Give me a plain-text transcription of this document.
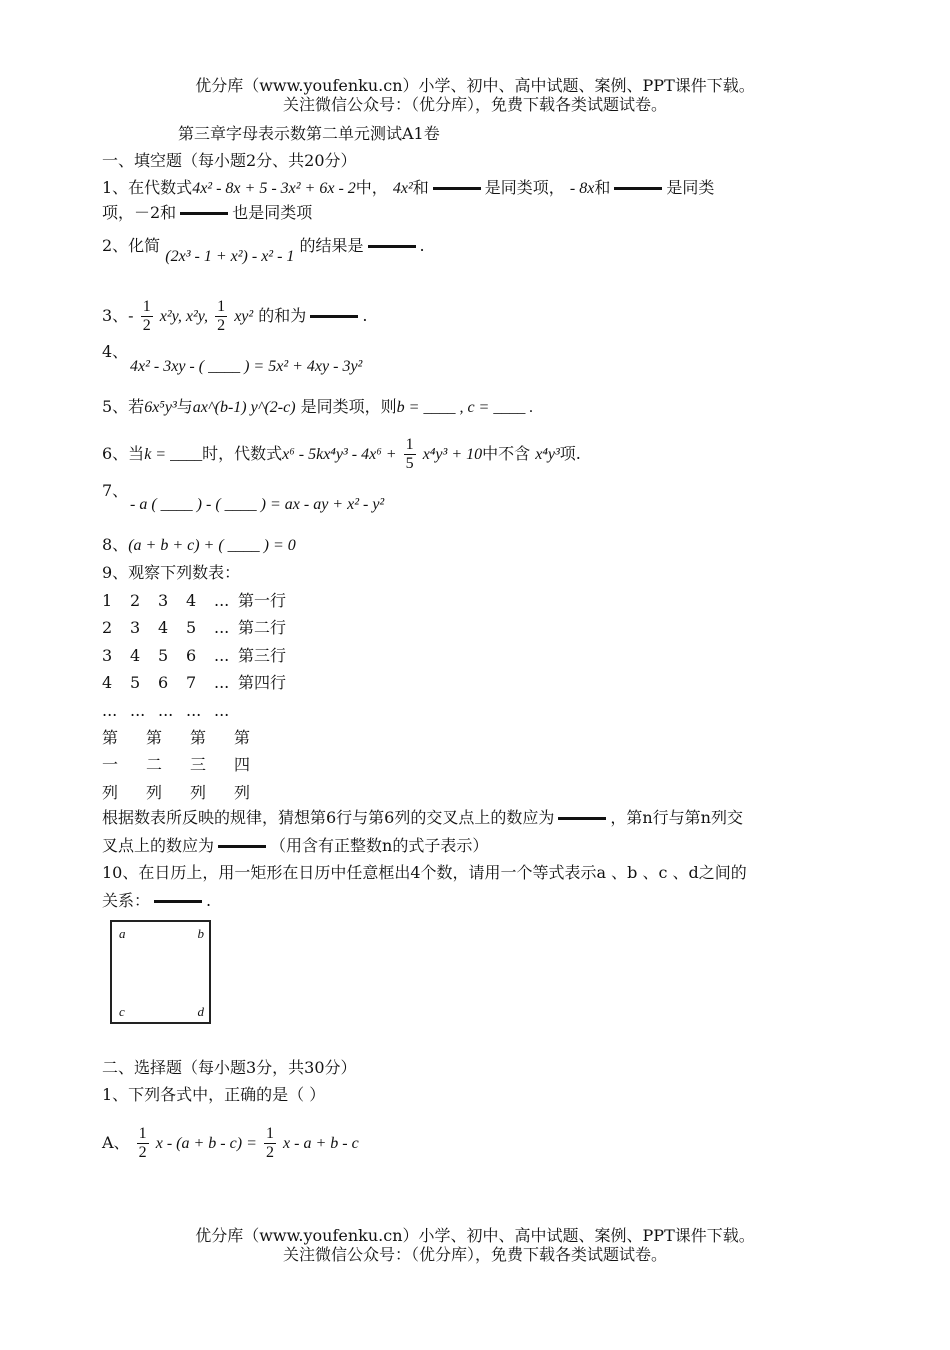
优分库（www.youfenku.cn）小学、初中、高中试题、案例、PPT课件下载。
关注微信公众号：（优分库），免费下载各类试题试卷。
第三章字母表示数第二单元测试A1卷
一、填空题（每小题2分、共20分）
1、在代数式4x² - 8x + 5 - 3x² + 6x - 2中， 4x²和	是同类项， - 8x和	是同类
项，－2和	也是同类项
2、化简 (2x³ - 1 + x²) - x² - 1 的结果是	.
3、- $\frac{1}{2} x^2y$, x²y, $\frac{1}{2} xy^2$ 的和为	.
4、
4x² - 3xy - ( ____ ) = 5x² + 4xy - 3y²
5、若6x⁵y³与ax^(b-1) y^(2-c) 是同类项，则b = ____ , c = ____ .
6、当k = ____时，代数式$x^6 - 5kx^4y^3 - 4x^6 + \frac{1}{5} x^4y^3 + 10$中不含 x⁴y³项.
7、
- a ( ____ ) - ( ____ ) = ax - ay + x² - y²
8、(a + b + c) + ( ____ ) = 0
9、观察下列数表：
1 2 3 4 ... 第一行
2 3 4 5 ... 第二行
3 4 5 6 ... 第三行
4 5 6 7 ... 第四行
... ... ... ... ...
第 第 第 第
一 二 三 四
列 列 列 列
根据数表所反映的规律，猜想第6行与第6列的交叉点上的数应为	，第n行与第n列交
叉点上的数应为	（用含有正整数n的式子表示）
10、在日历上，用一矩形在日历中任意框出4个数，请用一个等式表示a 、b 、c 、d之间的
关系：	.
a	b
c	d
二、选择题（每小题3分，共30分）
1、下列各式中，正确的是（ ）
A、 $\frac{1}{2}$ $x - (a + b - c) = \frac{1}{2}$ x - a + b - c
优分库（www.youfenku.cn）小学、初中、高中试题、案例、PPT课件下载。
关注微信公众号：（优分库），免费下载各类试题试卷。
